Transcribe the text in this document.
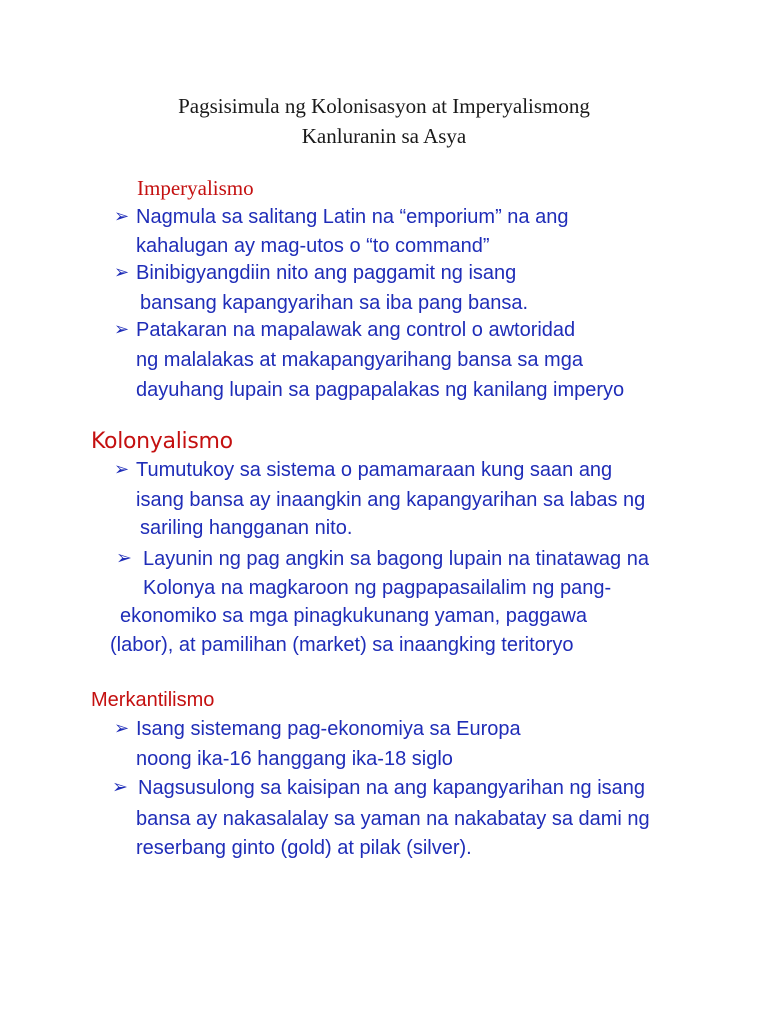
Pagsisimula ng Kolonisasyon at Imperyalismong
Kanluranin sa Asya
Imperyalismo
➢ Nagmula sa salitang Latin na “emporium” na ang
kahalugan ay mag-utos o “to command”
➢ Binibigyangdiin nito ang paggamit ng isang
bansang kapangyarihan sa iba pang bansa.
➢ Patakaran na mapalawak ang control o awtoridad
ng malalakas at makapangyarihang bansa sa mga
dayuhang lupain sa pagpapalakas ng kanilang imperyo
Kolonyalismo
➢ Tumutukoy sa sistema o pamamaraan kung saan ang
isang bansa ay inaangkin ang kapangyarihan sa labas ng
sariling hangganan nito.
➢ Layunin ng pag angkin sa bagong lupain na tinatawag na
Kolonya na magkaroon ng pagpapasailalim ng pang-
ekonomiko sa mga pinagkukunang yaman, paggawa
(labor), at pamilihan (market) sa inaangking teritoryo
Merkantilismo
➢ Isang sistemang pag-ekonomiya sa Europa
noong ika-16 hanggang ika-18 siglo
➢ Nagsusulong sa kaisipan na ang kapangyarihan ng isang
bansa ay nakasalalay sa yaman na nakabatay sa dami ng
reserbang ginto (gold) at pilak (silver).
